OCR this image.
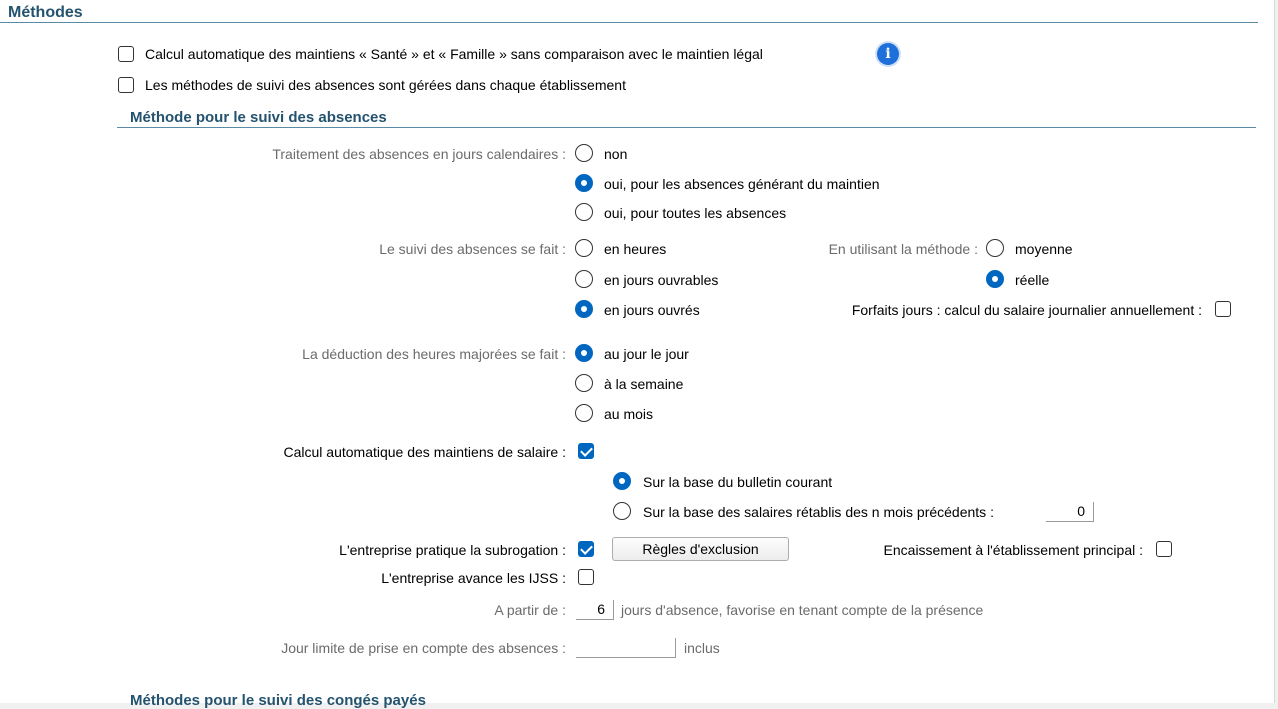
Méthodes
Calcul automatique des maintiens « Santé » et « Famille » sans comparaison avec le maintien légal	i
Les méthodes de suivi des absences sont gérées dans chaque établissement
Méthode pour le suivi des absences
Traitement des absences en jours calendaires :	non
oui, pour les absences générant du maintien
oui, pour toutes les absences
Le suivi des absences se fait :	en heures
en jours ouvrables
en jours ouvrés
En utilisant la méthode :	moyenne
réelle
Forfaits jours : calcul du salaire journalier annuellement :
La déduction des heures majorées se fait :	au jour le jour
à la semaine
au mois
Calcul automatique des maintiens de salaire :
Sur la base du bulletin courant
Sur la base des salaires rétablis des n mois précédents :	0
L'entreprise pratique la subrogation :	Règles d'exclusion	Encaissement à l'établissement principal :
L'entreprise avance les IJSS :
A partir de :	6	jours d'absence, favorise en tenant compte de la présence
Jour limite de prise en compte des absences :	inclus
Méthodes pour le suivi des congés payés
